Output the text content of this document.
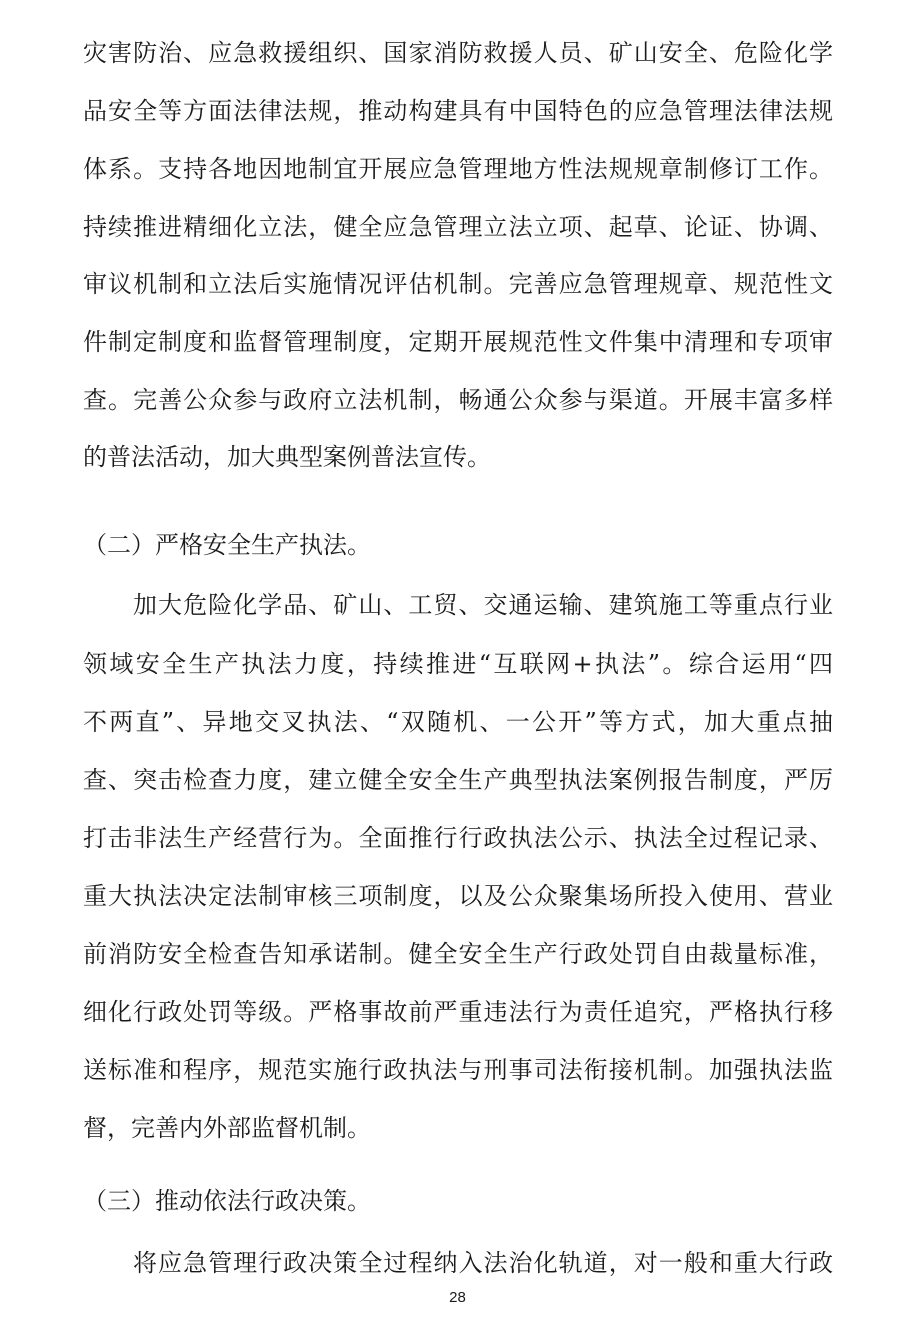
灾害防治、应急救援组织、国家消防救援人员、矿山安全、危险化学
品安全等方面法律法规，推动构建具有中国特色的应急管理法律法规
体系。支持各地因地制宜开展应急管理地方性法规规章制修订工作。
持续推进精细化立法，健全应急管理立法立项、起草、论证、协调、
审议机制和立法后实施情况评估机制。完善应急管理规章、规范性文
件制定制度和监督管理制度，定期开展规范性文件集中清理和专项审
查。完善公众参与政府立法机制，畅通公众参与渠道。开展丰富多样
的普法活动，加大典型案例普法宣传。
（二）严格安全生产执法。
加大危险化学品、矿山、工贸、交通运输、建筑施工等重点行业
领域安全生产执法力度，持续推进“互联网+执法”。综合运用“四
不两直”、异地交叉执法、“双随机、一公开”等方式，加大重点抽
查、突击检查力度，建立健全安全生产典型执法案例报告制度，严厉
打击非法生产经营行为。全面推行行政执法公示、执法全过程记录、
重大执法决定法制审核三项制度，以及公众聚集场所投入使用、营业
前消防安全检查告知承诺制。健全安全生产行政处罚自由裁量标准，
细化行政处罚等级。严格事故前严重违法行为责任追究，严格执行移
送标准和程序，规范实施行政执法与刑事司法衔接机制。加强执法监
督，完善内外部监督机制。
（三）推动依法行政决策。
将应急管理行政决策全过程纳入法治化轨道，对一般和重大行政
28
